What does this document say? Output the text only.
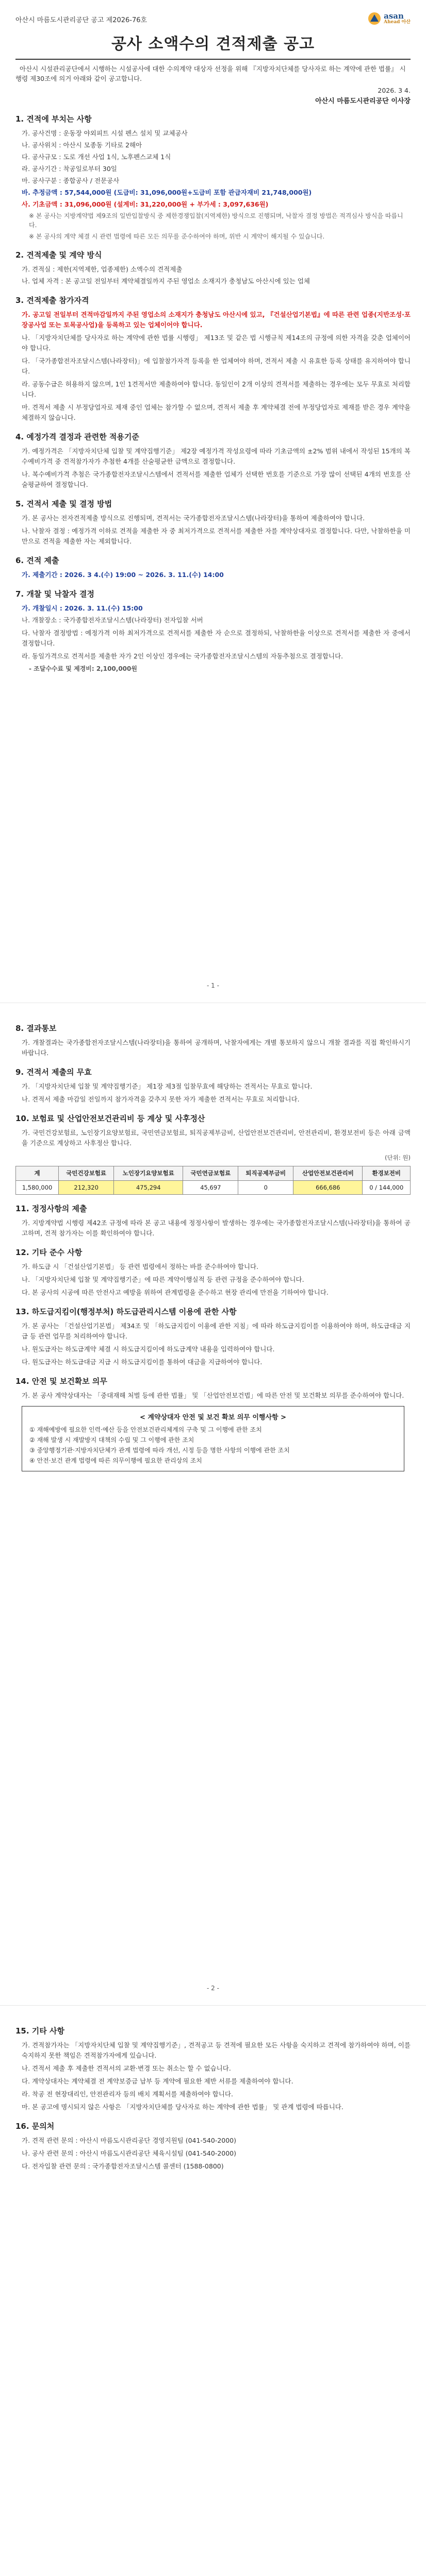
아산시 마름도시관리공단 공고 제2026-76호	asan
Ahead 아산
공사 소액수의 견적제출 공고
아산시 시설관리공단에서 시행하는 시설공사에 대한 수의계약 대상자 선정을 위해 『지방자치단체를 당사자로 하는 계약에 관한 법률』 시행령 제30조에 의거 아래와 같이 공고합니다.
2026. 3 4.
아산시 마름도시관리공단 이사장
1. 견적에 부치는 사항
가. 공사건명 : 운동장 야외피트 시설 펜스 설치 및 교체공사
나. 공사위치 : 아산시 모종동 기타로 2해아
다. 공사규모 : 도로 개선 사업 1식, 노후펜스교체 1식
라. 공사기간 : 착공일로부터 30일
마. 공사구분 : 종합공사 / 전문공사
바. 추정금액 : 57,544,000원 (도급비: 31,096,000원+도급비 포함 관급자재비 21,748,000원)
사. 기초금액 : 31,096,000원 (설계비: 31,220,000원 + 부가세 : 3,097,636원)
※ 본 공사는 지방계약법 제9조의 일반입찰방식 중 제한경쟁입찰(지역제한) 방식으로 진행되며, 낙찰자 결정 방법은 적격심사 방식을 따릅니다.
※ 본 공사의 계약 체결 시 관련 법령에 따른 모든 의무를 준수하여야 하며, 위반 시 계약이 해지될 수 있습니다.
2. 견적제출 및 계약 방식
가. 견적실 : 제한(지역제한, 업종제한) 소액수의 견적제출
나. 업체 자격 : 본 공고일 전일부터 계약체결일까지 주된 영업소 소재지가 충청남도 아산시에 있는 업체
3. 견적제출 참가자격
가. 공고일 전일부터 견적마감일까지 주된 영업소의 소재지가 충청남도 아산시에 있고, 『건설산업기본법』에 따른 관련 업종(지반조성·포장공사업 또는 토목공사업)을 등록하고 있는 업체이어야 합니다.
나. 「지방자치단체를 당사자로 하는 계약에 관한 법률 시행령」 제13조 및 같은 법 시행규칙 제14조의 규정에 의한 자격을 갖춘 업체이어야 합니다.
다. 「국가종합전자조달시스템(나라장터)」에 입찰참가자격 등록을 한 업체여야 하며, 견적서 제출 시 유효한 등록 상태를 유지하여야 합니다.
라. 공동수급은 허용하지 않으며, 1인 1견적서만 제출하여야 합니다. 동일인이 2개 이상의 견적서를 제출하는 경우에는 모두 무효로 처리합니다.
마. 견적서 제출 시 부정당업자로 제재 중인 업체는 참가할 수 없으며, 견적서 제출 후 계약체결 전에 부정당업자로 제재를 받은 경우 계약을 체결하지 않습니다.
4. 예정가격 결정과 관련한 적용기준
가. 예정가격은 「지방자치단체 입찰 및 계약집행기준」 제2장 예정가격 작성요령에 따라 기초금액의 ±2% 범위 내에서 작성된 15개의 복수예비가격 중 견적참가자가 추첨한 4개를 산술평균한 금액으로 결정합니다.
나. 복수예비가격 추첨은 국가종합전자조달시스템에서 견적서를 제출한 업체가 선택한 번호를 기준으로 가장 많이 선택된 4개의 번호를 산술평균하여 결정합니다.
5. 견적서 제출 및 결정 방법
가. 본 공사는 전자견적제출 방식으로 진행되며, 견적서는 국가종합전자조달시스템(나라장터)을 통하여 제출하여야 합니다.
나. 낙찰자 결정 : 예정가격 이하로 견적을 제출한 자 중 최저가격으로 견적서를 제출한 자를 계약상대자로 결정합니다. 다만, 낙찰하한율 미만으로 견적을 제출한 자는 제외합니다.
6. 견적 제출
가. 제출기간 : 2026. 3 4.(수) 19:00 ~ 2026. 3. 11.(수) 14:00
7. 개찰 및 낙찰자 결정
가. 개찰일시 : 2026. 3. 11.(수) 15:00
나. 개찰장소 : 국가종합전자조달시스템(나라장터) 전자입찰 서버
다. 낙찰자 결정방법 : 예정가격 이하 최저가격으로 견적서를 제출한 자 순으로 결정하되, 낙찰하한율 이상으로 견적서를 제출한 자 중에서 결정합니다.
라. 동일가격으로 견적서를 제출한 자가 2인 이상인 경우에는 국가종합전자조달시스템의 자동추첨으로 결정합니다.
- 조달수수료 및 제경비: 2,100,000원
- 1 -
8. 결과통보
가. 개찰결과는 국가종합전자조달시스템(나라장터)을 통하여 공개하며, 낙찰자에게는 개별 통보하지 않으니 개찰 결과를 직접 확인하시기 바랍니다.
9. 견적서 제출의 무효
가. 「지방자치단체 입찰 및 계약집행기준」 제1장 제3절 입찰무효에 해당하는 견적서는 무효로 합니다.
나. 견적서 제출 마감일 전일까지 참가자격을 갖추지 못한 자가 제출한 견적서는 무효로 처리합니다.
10. 보험료 및 산업안전보건관리비 등 계상 및 사후정산
가. 국민건강보험료, 노인장기요양보험료, 국민연금보험료, 퇴직공제부금비, 산업안전보건관리비, 안전관리비, 환경보전비 등은 아래 금액을 기준으로 계상하고 사후정산 합니다.
(단위: 원)
계	국민건강보험료	노인장기요양보험료	국민연금보험료	퇴직공제부금비	산업안전보건관리비	환경보전비
1,580,000	212,320	475,294	45,697	0	666,686	0 / 144,000
11. 정정사항의 제출
가. 지방계약법 시행령 제42조 규정에 따라 본 공고 내용에 정정사항이 발생하는 경우에는 국가종합전자조달시스템(나라장터)을 통하여 공고하며, 견적 참가자는 이를 확인하여야 합니다.
12. 기타 준수 사항
가. 하도급 시 「건설산업기본법」 등 관련 법령에서 정하는 바를 준수하여야 합니다.
나. 「지방자치단체 입찰 및 계약집행기준」에 따른 계약이행실적 등 관련 규정을 준수하여야 합니다.
다. 본 공사의 시공에 따른 안전사고 예방을 위하여 관계법령을 준수하고 현장 관리에 만전을 기하여야 합니다.
13. 하도급지킴이(행정부처) 하도급관리시스템 이용에 관한 사항
가. 본 공사는 「건설산업기본법」 제34조 및 「하도급지킴이 이용에 관한 지침」에 따라 하도급지킴이를 이용하여야 하며, 하도급대금 지급 등 관련 업무를 처리하여야 합니다.
나. 원도급자는 하도급계약 체결 시 하도급지킴이에 하도급계약 내용을 입력하여야 합니다.
다. 원도급자는 하도급대금 지급 시 하도급지킴이를 통하여 대금을 지급하여야 합니다.
14. 안전 및 보건확보 의무
가. 본 공사 계약상대자는 「중대재해 처벌 등에 관한 법률」 및 「산업안전보건법」에 따른 안전 및 보건확보 의무를 준수하여야 합니다.
< 계약상대자 안전 및 보건 확보 의무 이행사항 >
① 재해예방에 필요한 인력·예산 등을 안전보건관리체계의 구축 및 그 이행에 관한 조치
② 재해 발생 시 재발방지 대책의 수립 및 그 이행에 관한 조치
③ 중앙행정기관·지방자치단체가 관계 법령에 따라 개선, 시정 등을 명한 사항의 이행에 관한 조치
④ 안전·보건 관계 법령에 따른 의무이행에 필요한 관리상의 조치
- 2 -
15. 기타 사항
가. 견적참가자는 「지방자치단체 입찰 및 계약집행기준」, 견적공고 등 견적에 필요한 모든 사항을 숙지하고 견적에 참가하여야 하며, 이를 숙지하지 못한 책임은 견적참가자에게 있습니다.
나. 견적서 제출 후 제출한 견적서의 교환·변경 또는 취소는 할 수 없습니다.
다. 계약상대자는 계약체결 전 계약보증금 납부 등 계약에 필요한 제반 서류를 제출하여야 합니다.
라. 착공 전 현장대리인, 안전관리자 등의 배치 계획서를 제출하여야 합니다.
마. 본 공고에 명시되지 않은 사항은 「지방자치단체를 당사자로 하는 계약에 관한 법률」 및 관계 법령에 따릅니다.
16. 문의처
가. 견적 관련 문의 : 아산시 마름도시관리공단 경영지원팀 (041-540-2000)
나. 공사 관련 문의 : 아산시 마름도시관리공단 체육시설팀 (041-540-2000)
다. 전자입찰 관련 문의 : 국가종합전자조달시스템 콜센터 (1588-0800)
